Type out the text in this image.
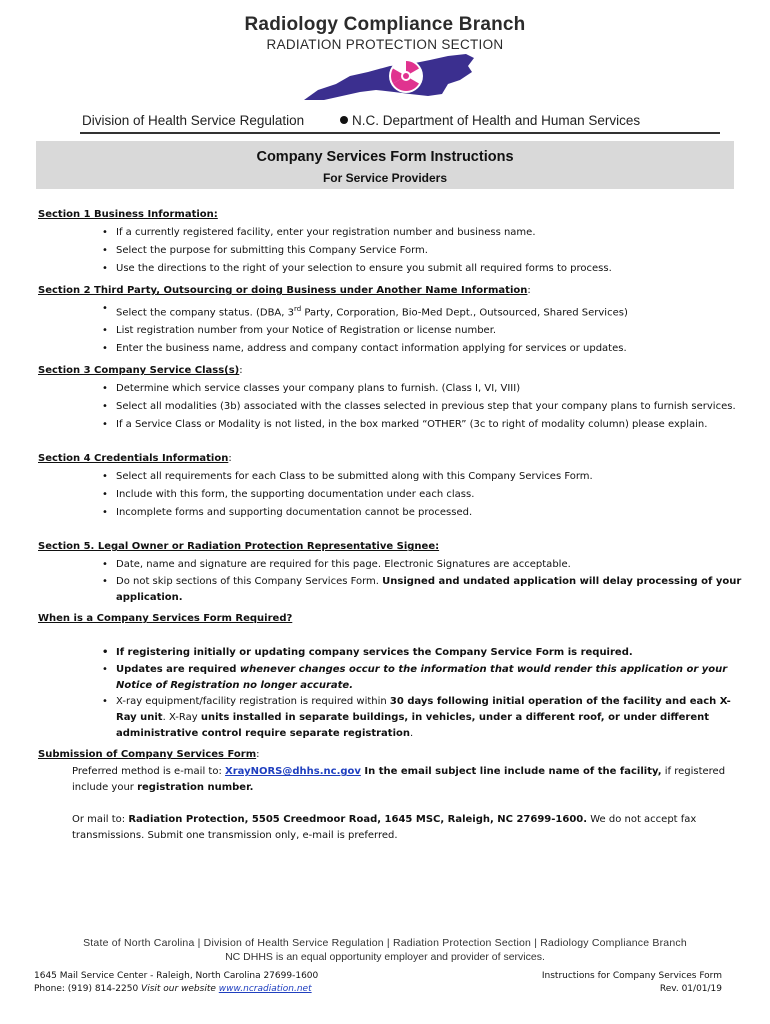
Radiology Compliance Branch
RADIATION PROTECTION SECTION
Division of Health Service Regulation	N.C. Department of Health and Human Services
Company Services Form Instructions
For Service Providers
Section 1 Business Information:
• If a currently registered facility, enter your registration number and business name.
• Select the purpose for submitting this Company Service Form.
• Use the directions to the right of your selection to ensure you submit all required forms to process.
Section 2 Third Party, Outsourcing or doing Business under Another Name Information:
• Select the company status. (DBA, 3rd Party, Corporation, Bio-Med Dept., Outsourced, Shared Services)
• List registration number from your Notice of Registration or license number.
• Enter the business name, address and company contact information applying for services or updates.
Section 3 Company Service Class(s):
• Determine which service classes your company plans to furnish. (Class I, VI, VIII)
• Select all modalities (3b) associated with the classes selected in previous step that your company plans to furnish services.
• If a Service Class or Modality is not listed, in the box marked “OTHER” (3c to right of modality column) please explain.
Section 4 Credentials Information:
• Select all requirements for each Class to be submitted along with this Company Services Form.
• Include with this form, the supporting documentation under each class.
• Incomplete forms and supporting documentation cannot be processed.
Section 5. Legal Owner or Radiation Protection Representative Signee:
• Date, name and signature are required for this page. Electronic Signatures are acceptable.
• Do not skip sections of this Company Services Form. Unsigned and undated application will delay processing of your application.
When is a Company Services Form Required?
• If registering initially or updating company services the Company Service Form is required.
• Updates are required whenever changes occur to the information that would render this application or your Notice of Registration no longer accurate.
• X-ray equipment/facility registration is required within 30 days following initial operation of the facility and each X-Ray unit. X-Ray units installed in separate buildings, in vehicles, under a different roof, or under different administrative control require separate registration.
Submission of Company Services Form:
Preferred method is e-mail to: XrayNORS@dhhs.nc.gov In the email subject line include name of the facility, if registered include your registration number.
Or mail to: Radiation Protection, 5505 Creedmoor Road, 1645 MSC, Raleigh, NC 27699-1600. We do not accept fax transmissions. Submit one transmission only, e-mail is preferred.
State of North Carolina | Division of Health Service Regulation | Radiation Protection Section | Radiology Compliance Branch
NC DHHS is an equal opportunity employer and provider of services.
1645 Mail Service Center - Raleigh, North Carolina 27699-1600
Phone: (919) 814-2250 Visit our website www.ncradiation.net
Instructions for Company Services Form
Rev. 01/01/19
